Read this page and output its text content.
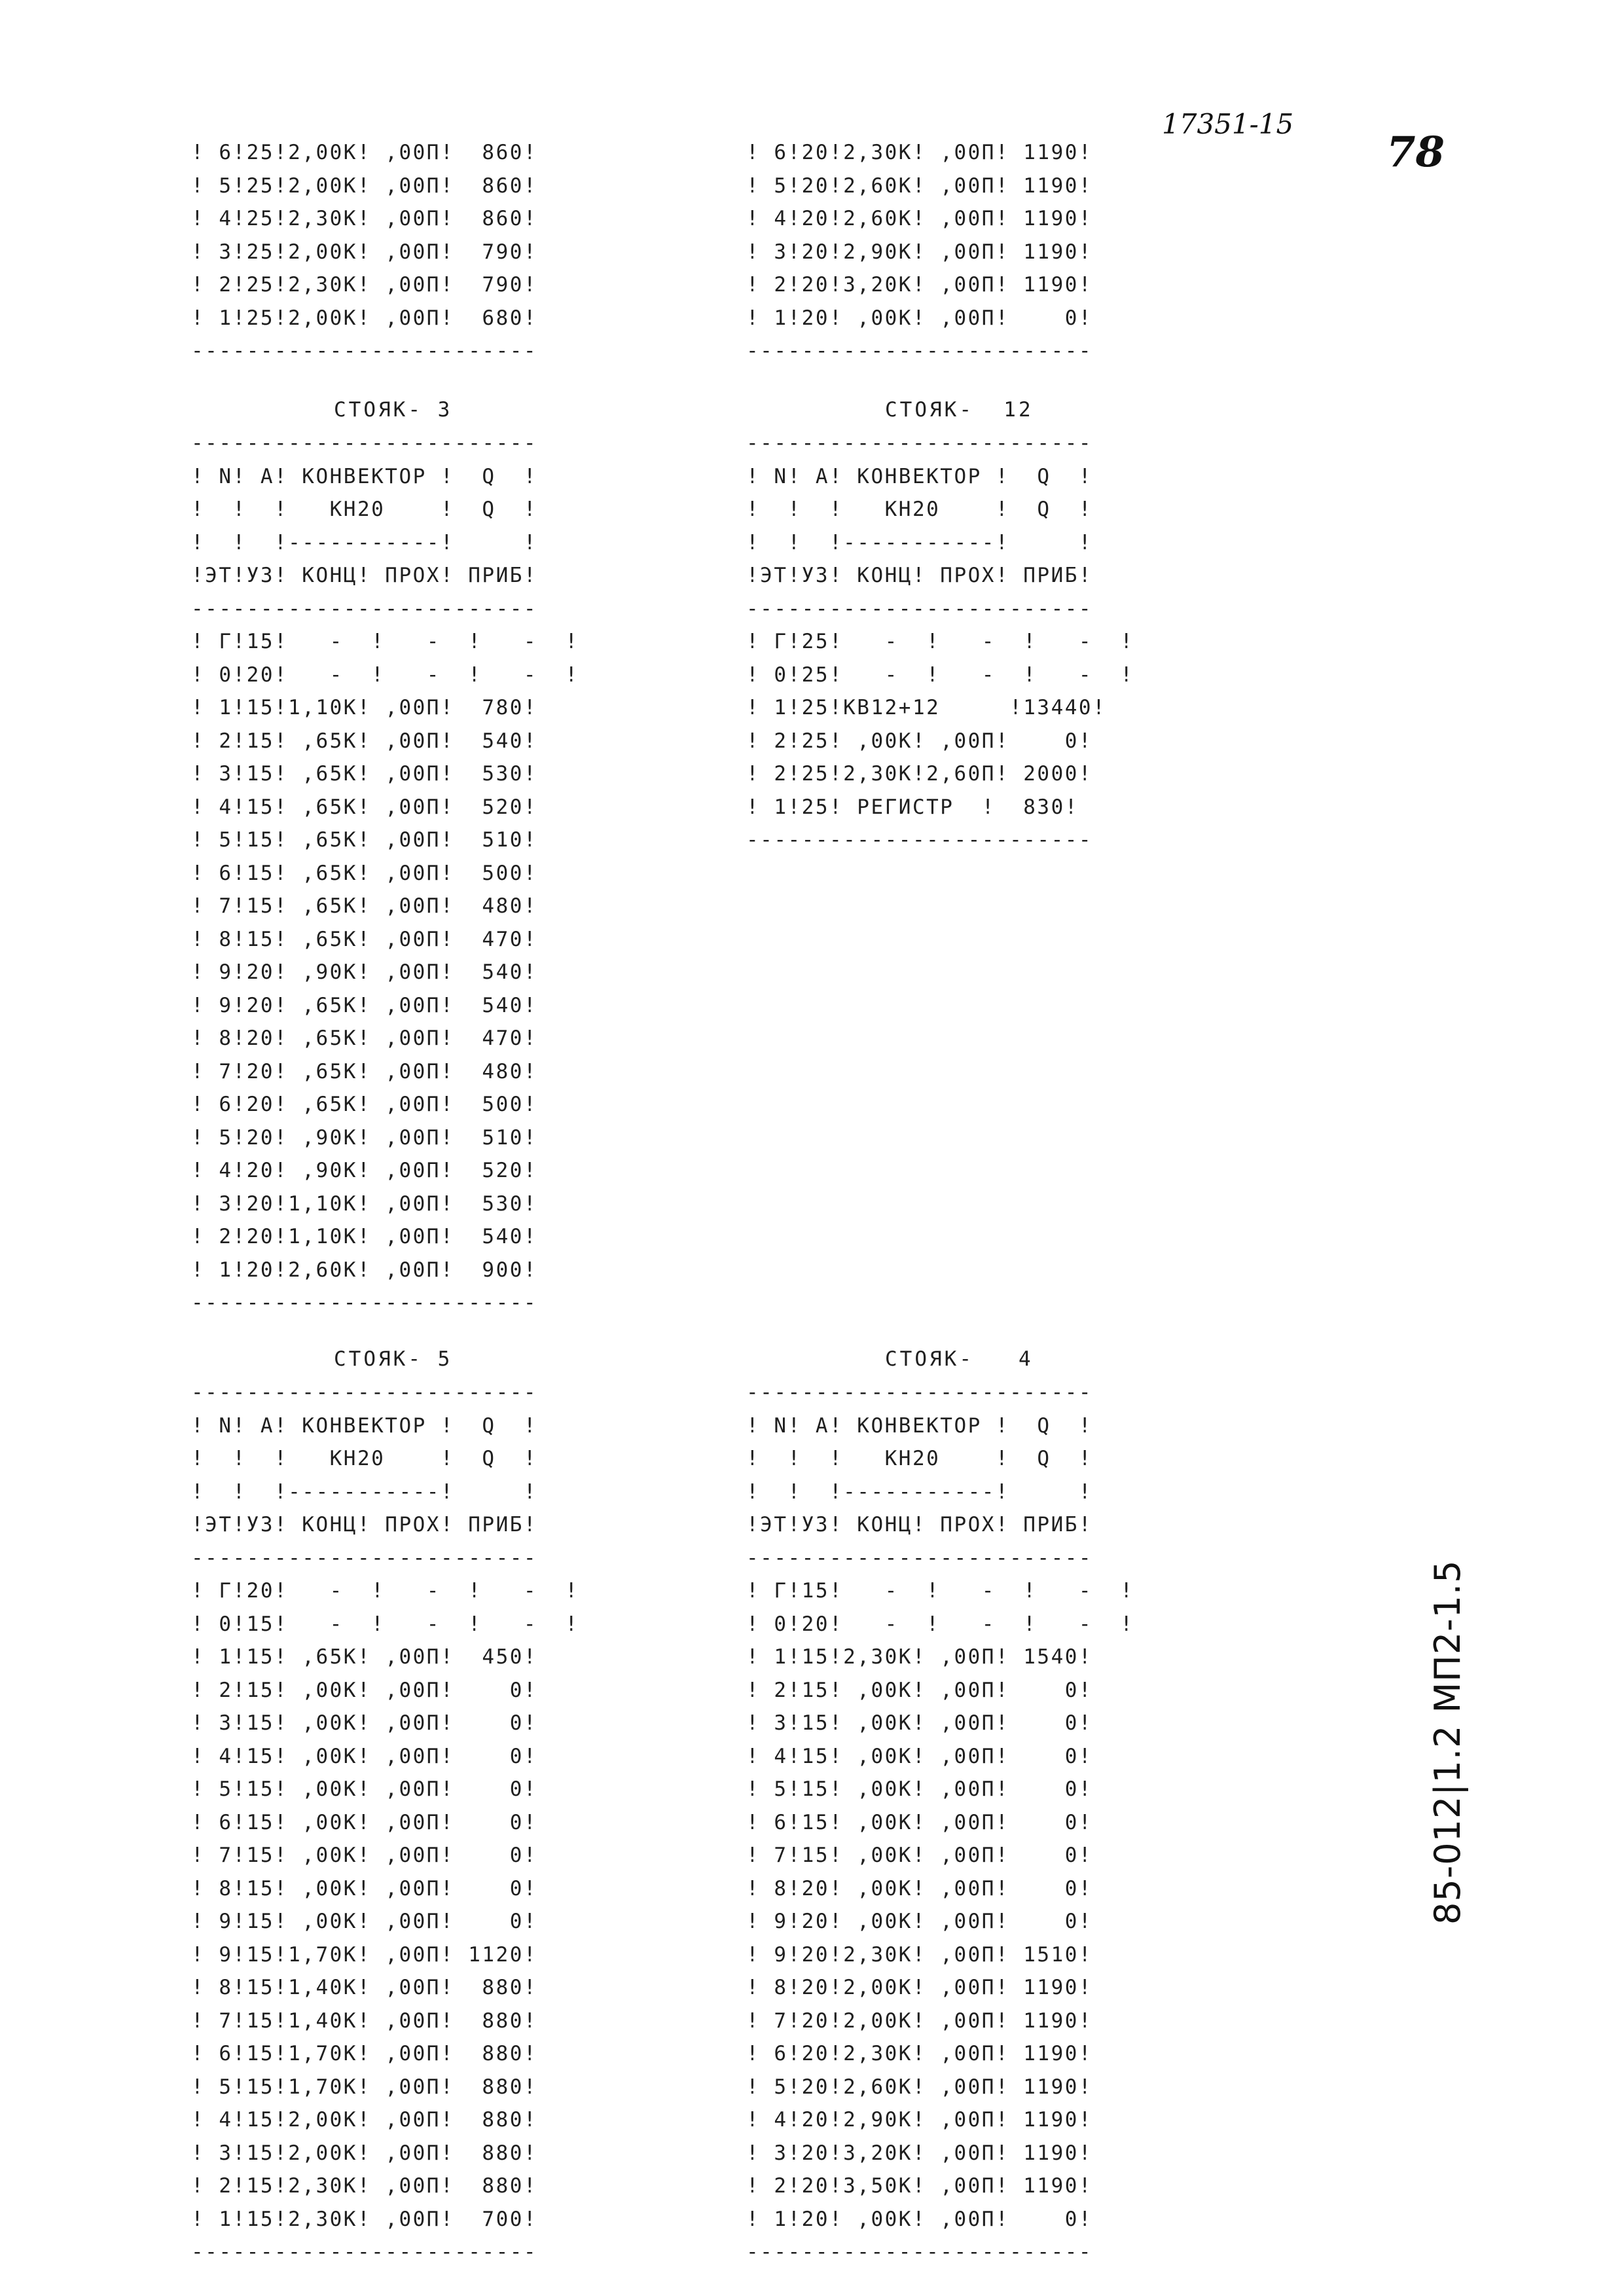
17351-15
78
85-012|1.2 МП2-1.5
! 6!25!2,00К! ,00П!  860!
! 5!25!2,00К! ,00П!  860!
! 4!25!2,30К! ,00П!  860!
! 3!25!2,00К! ,00П!  790!
! 2!25!2,30К! ,00П!  790!
! 1!25!2,00К! ,00П!  680!
-------------------------
! 6!20!2,30К! ,00П! 1190!
! 5!20!2,60К! ,00П! 1190!
! 4!20!2,60К! ,00П! 1190!
! 3!20!2,90К! ,00П! 1190!
! 2!20!3,20К! ,00П! 1190!
! 1!20! ,00К! ,00П!    0!
-------------------------
СТОЯК- 3
-------------------------
! N! А! КОНВЕКТОР !  Q  !
!  !  !   КН20    !  Q  !
!  !  !-----------!     !
!ЭТ!УЗ! КОНЦ! ПРОХ! ПРИБ!
-------------------------
! Г!15!   -  !   -  !   -  !
! 0!20!   -  !   -  !   -  !
! 1!15!1,10К! ,00П!  780!
! 2!15! ,65К! ,00П!  540!
! 3!15! ,65К! ,00П!  530!
! 4!15! ,65К! ,00П!  520!
! 5!15! ,65К! ,00П!  510!
! 6!15! ,65К! ,00П!  500!
! 7!15! ,65К! ,00П!  480!
! 8!15! ,65К! ,00П!  470!
! 9!20! ,90К! ,00П!  540!
! 9!20! ,65К! ,00П!  540!
! 8!20! ,65К! ,00П!  470!
! 7!20! ,65К! ,00П!  480!
! 6!20! ,65К! ,00П!  500!
! 5!20! ,90К! ,00П!  510!
! 4!20! ,90К! ,00П!  520!
! 3!20!1,10К! ,00П!  530!
! 2!20!1,10К! ,00П!  540!
! 1!20!2,60К! ,00П!  900!
-------------------------
СТОЯК-  12
-------------------------
! N! А! КОНВЕКТОР !  Q  !
!  !  !   КН20    !  Q  !
!  !  !-----------!     !
!ЭТ!УЗ! КОНЦ! ПРОХ! ПРИБ!
-------------------------
! Г!25!   -  !   -  !   -  !
! 0!25!   -  !   -  !   -  !
! 1!25!КВ12+12     !13440!
! 2!25! ,00К! ,00П!    0!
! 2!25!2,30К!2,60П! 2000!
! 1!25! РЕГИСТР  !  830!
-------------------------
СТОЯК- 5
-------------------------
! N! А! КОНВЕКТОР !  Q  !
!  !  !   КН20    !  Q  !
!  !  !-----------!     !
!ЭТ!УЗ! КОНЦ! ПРОХ! ПРИБ!
-------------------------
! Г!20!   -  !   -  !   -  !
! 0!15!   -  !   -  !   -  !
! 1!15! ,65К! ,00П!  450!
! 2!15! ,00К! ,00П!    0!
! 3!15! ,00К! ,00П!    0!
! 4!15! ,00К! ,00П!    0!
! 5!15! ,00К! ,00П!    0!
! 6!15! ,00К! ,00П!    0!
! 7!15! ,00К! ,00П!    0!
! 8!15! ,00К! ,00П!    0!
! 9!15! ,00К! ,00П!    0!
! 9!15!1,70К! ,00П! 1120!
! 8!15!1,40К! ,00П!  880!
! 7!15!1,40К! ,00П!  880!
! 6!15!1,70К! ,00П!  880!
! 5!15!1,70К! ,00П!  880!
! 4!15!2,00К! ,00П!  880!
! 3!15!2,00К! ,00П!  880!
! 2!15!2,30К! ,00П!  880!
! 1!15!2,30К! ,00П!  700!
-------------------------
СТОЯК-   4
-------------------------
! N! А! КОНВЕКТОР !  Q  !
!  !  !   КН20    !  Q  !
!  !  !-----------!     !
!ЭТ!УЗ! КОНЦ! ПРОХ! ПРИБ!
-------------------------
! Г!15!   -  !   -  !   -  !
! 0!20!   -  !   -  !   -  !
! 1!15!2,30К! ,00П! 1540!
! 2!15! ,00К! ,00П!    0!
! 3!15! ,00К! ,00П!    0!
! 4!15! ,00К! ,00П!    0!
! 5!15! ,00К! ,00П!    0!
! 6!15! ,00К! ,00П!    0!
! 7!15! ,00К! ,00П!    0!
! 8!20! ,00К! ,00П!    0!
! 9!20! ,00К! ,00П!    0!
! 9!20!2,30К! ,00П! 1510!
! 8!20!2,00К! ,00П! 1190!
! 7!20!2,00К! ,00П! 1190!
! 6!20!2,30К! ,00П! 1190!
! 5!20!2,60К! ,00П! 1190!
! 4!20!2,90К! ,00П! 1190!
! 3!20!3,20К! ,00П! 1190!
! 2!20!3,50К! ,00П! 1190!
! 1!20! ,00К! ,00П!    0!
-------------------------
